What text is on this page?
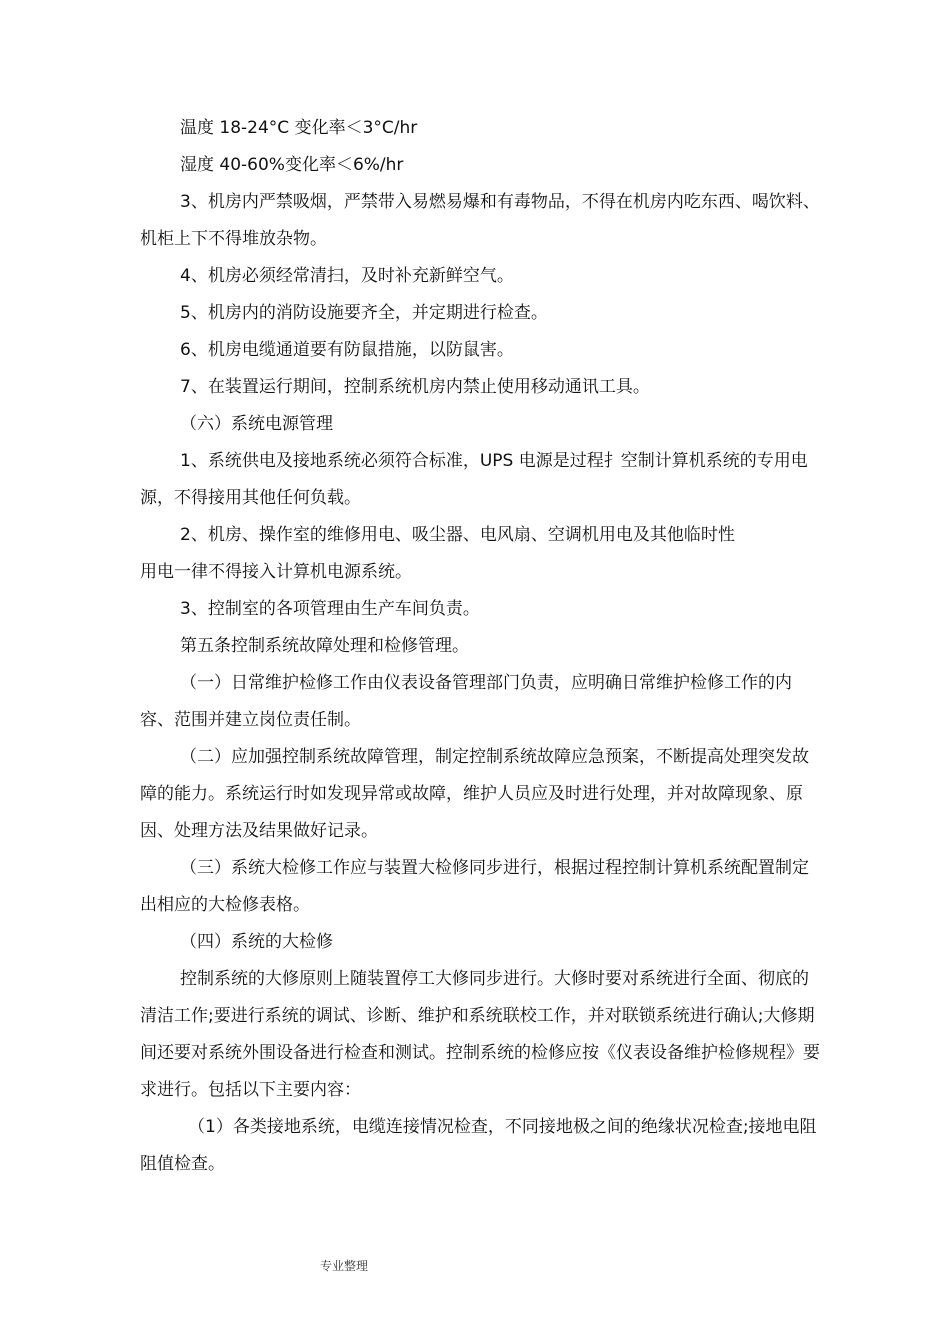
温度 18-24°C 变化率＜3°C/hr

湿度 40-60%变化率＜6%/hr

3、机房内严禁吸烟，严禁带入易燃易爆和有毒物品，不得在机房内吃东西、喝饮料、机柜上下不得堆放杂物。

4、机房必须经常清扫，及时补充新鲜空气。

5、机房内的消防设施要齐全，并定期进行检查。

6、机房电缆通道要有防鼠措施，以防鼠害。

7、在装置运行期间，控制系统机房内禁止使用移动通讯工具。

（六）系统电源管理

1、系统供电及接地系统必须符合标准，UPS 电源是过程扌空制计算机系统的专用电源，不得接用其他任何负载。

2、机房、操作室的维修用电、吸尘器、电风扇、空调机用电及其他临时性

用电一律不得接入计算机电源系统。

3、控制室的各项管理由生产车间负责。

第五条控制系统故障处理和检修管理。

（一）日常维护检修工作由仪表设备管理部门负责，应明确日常维护检修工作的内容、范围并建立岗位责任制。

（二）应加强控制系统故障管理，制定控制系统故障应急预案，不断提高处理突发故障的能力。系统运行时如发现异常或故障，维护人员应及时进行处理，并对故障现象、原因、处理方法及结果做好记录。

（三）系统大检修工作应与装置大检修同步进行，根据过程控制计算机系统配置制定出相应的大检修表格。

（四）系统的大检修

控制系统的大修原则上随装置停工大修同步进行。大修时要对系统进行全面、彻底的清洁工作;要进行系统的调试、诊断、维护和系统联校工作，并对联锁系统进行确认;大修期间还要对系统外围设备进行检查和测试。控制系统的检修应按《仪表设备维护检修规程》要求进行。包括以下主要内容：

（1）各类接地系统，电缆连接情况检查，不同接地极之间的绝缘状况检查;接地电阻阻值检查。

专业整理
